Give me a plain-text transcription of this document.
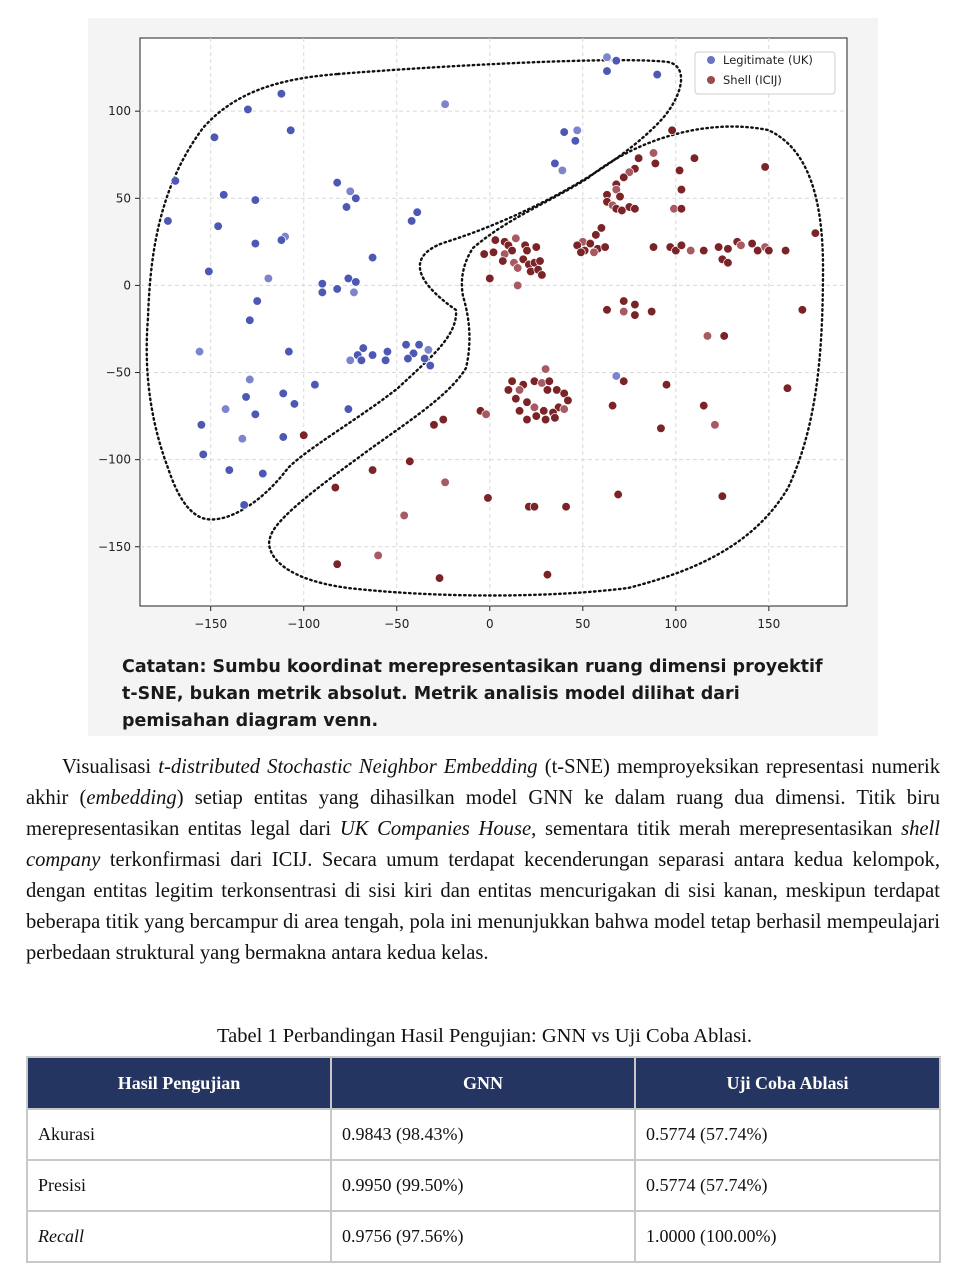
−150	−100	−50	0	50	100	150
100
50
0
−50
−100
−150
Legitimate (UK)
Shell (ICIJ)
Catatan: Sumbu koordinat merepresentasikan ruang dimensi proyektif t-SNE, bukan metrik absolut. Metrik analisis model dilihat dari pemisahan diagram venn.

Visualisasi t-distributed Stochastic Neighbor Embedding (t-SNE) memproyeksikan representasi numerik akhir (embedding) setiap entitas yang dihasilkan model GNN ke dalam ruang dua dimensi. Titik biru merepresentasikan entitas legal dari UK Companies House, sementara titik merah merepresentasikan shell company terkonfirmasi dari ICIJ. Secara umum terdapat kecenderungan separasi antara kedua kelompok, dengan entitas legitim terkonsentrasi di sisi kiri dan entitas mencurigakan di sisi kanan, meskipun terdapat beberapa titik yang bercampur di area tengah, pola ini menunjukkan bahwa model tetap berhasil mempeulajari perbedaan struktural yang bermakna antara kedua kelas.

Tabel 1 Perbandingan Hasil Pengujian: GNN vs Uji Coba Ablasi.
Hasil Pengujian	GNN	Uji Coba Ablasi
Akurasi	0.9843 (98.43%)	0.5774 (57.74%)
Presisi	0.9950 (99.50%)	0.5774 (57.74%)
Recall	0.9756 (97.56%)	1.0000 (100.00%)
